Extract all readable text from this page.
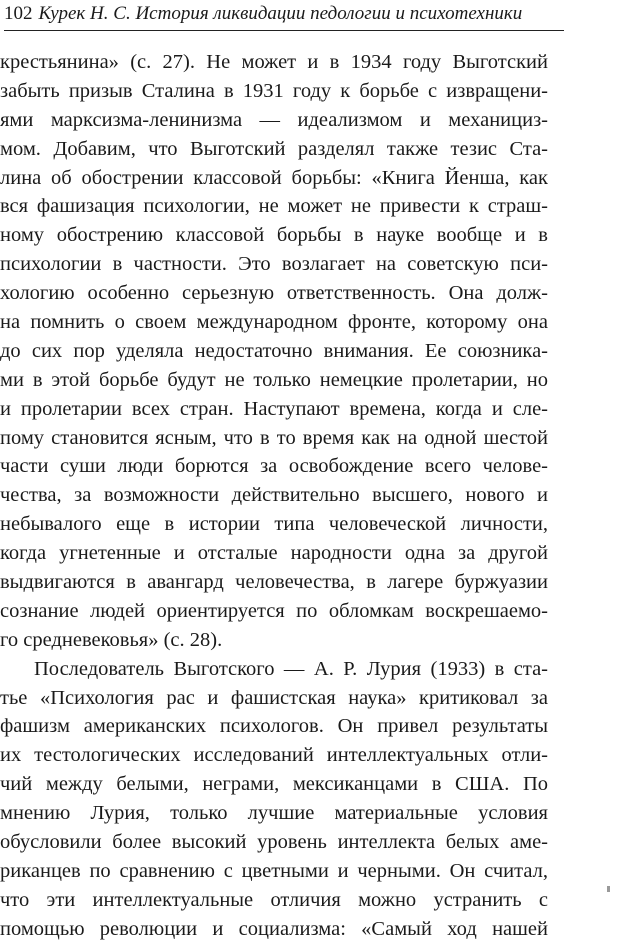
102 Курек Н. С. История ликвидации педологии и психотехники
крестьянина» (с. 27). Не может и в 1934 году Выготский
забыть призыв Сталина в 1931 году к борьбе с извращени-
ями марксизма-ленинизма — идеализмом и механициз-
мом. Добавим, что Выготский разделял также тезис Ста-
лина об обострении классовой борьбы: «Книга Йенша, как
вся фашизация психологии, не может не привести к страш-
ному обострению классовой борьбы в науке вообще и в
психологии в частности. Это возлагает на советскую пси-
хологию особенно серьезную ответственность. Она долж-
на помнить о своем международном фронте, которому она
до сих пор уделяла недостаточно внимания. Ее союзника-
ми в этой борьбе будут не только немецкие пролетарии, но
и пролетарии всех стран. Наступают времена, когда и сле-
пому становится ясным, что в то время как на одной шестой
части суши люди борются за освобождение всего челове-
чества, за возможности действительно высшего, нового и
небывалого еще в истории типа человеческой личности,
когда угнетенные и отсталые народности одна за другой
выдвигаются в авангард человечества, в лагере буржуазии
сознание людей ориентируется по обломкам воскрешаемо-
го средневековья» (с. 28).
Последователь Выготского — А. Р. Лурия (1933) в ста-
тье «Психология рас и фашистская наука» критиковал за
фашизм американских психологов. Он привел результаты
их тестологических исследований интеллектуальных отли-
чий между белыми, неграми, мексиканцами в США. По
мнению Лурия, только лучшие материальные условия
обусловили более высокий уровень интеллекта белых аме-
риканцев по сравнению с цветными и черными. Он считал,
что эти интеллектуальные отличия можно устранить с
помощью революции и социализма: «Самый ход нашей
